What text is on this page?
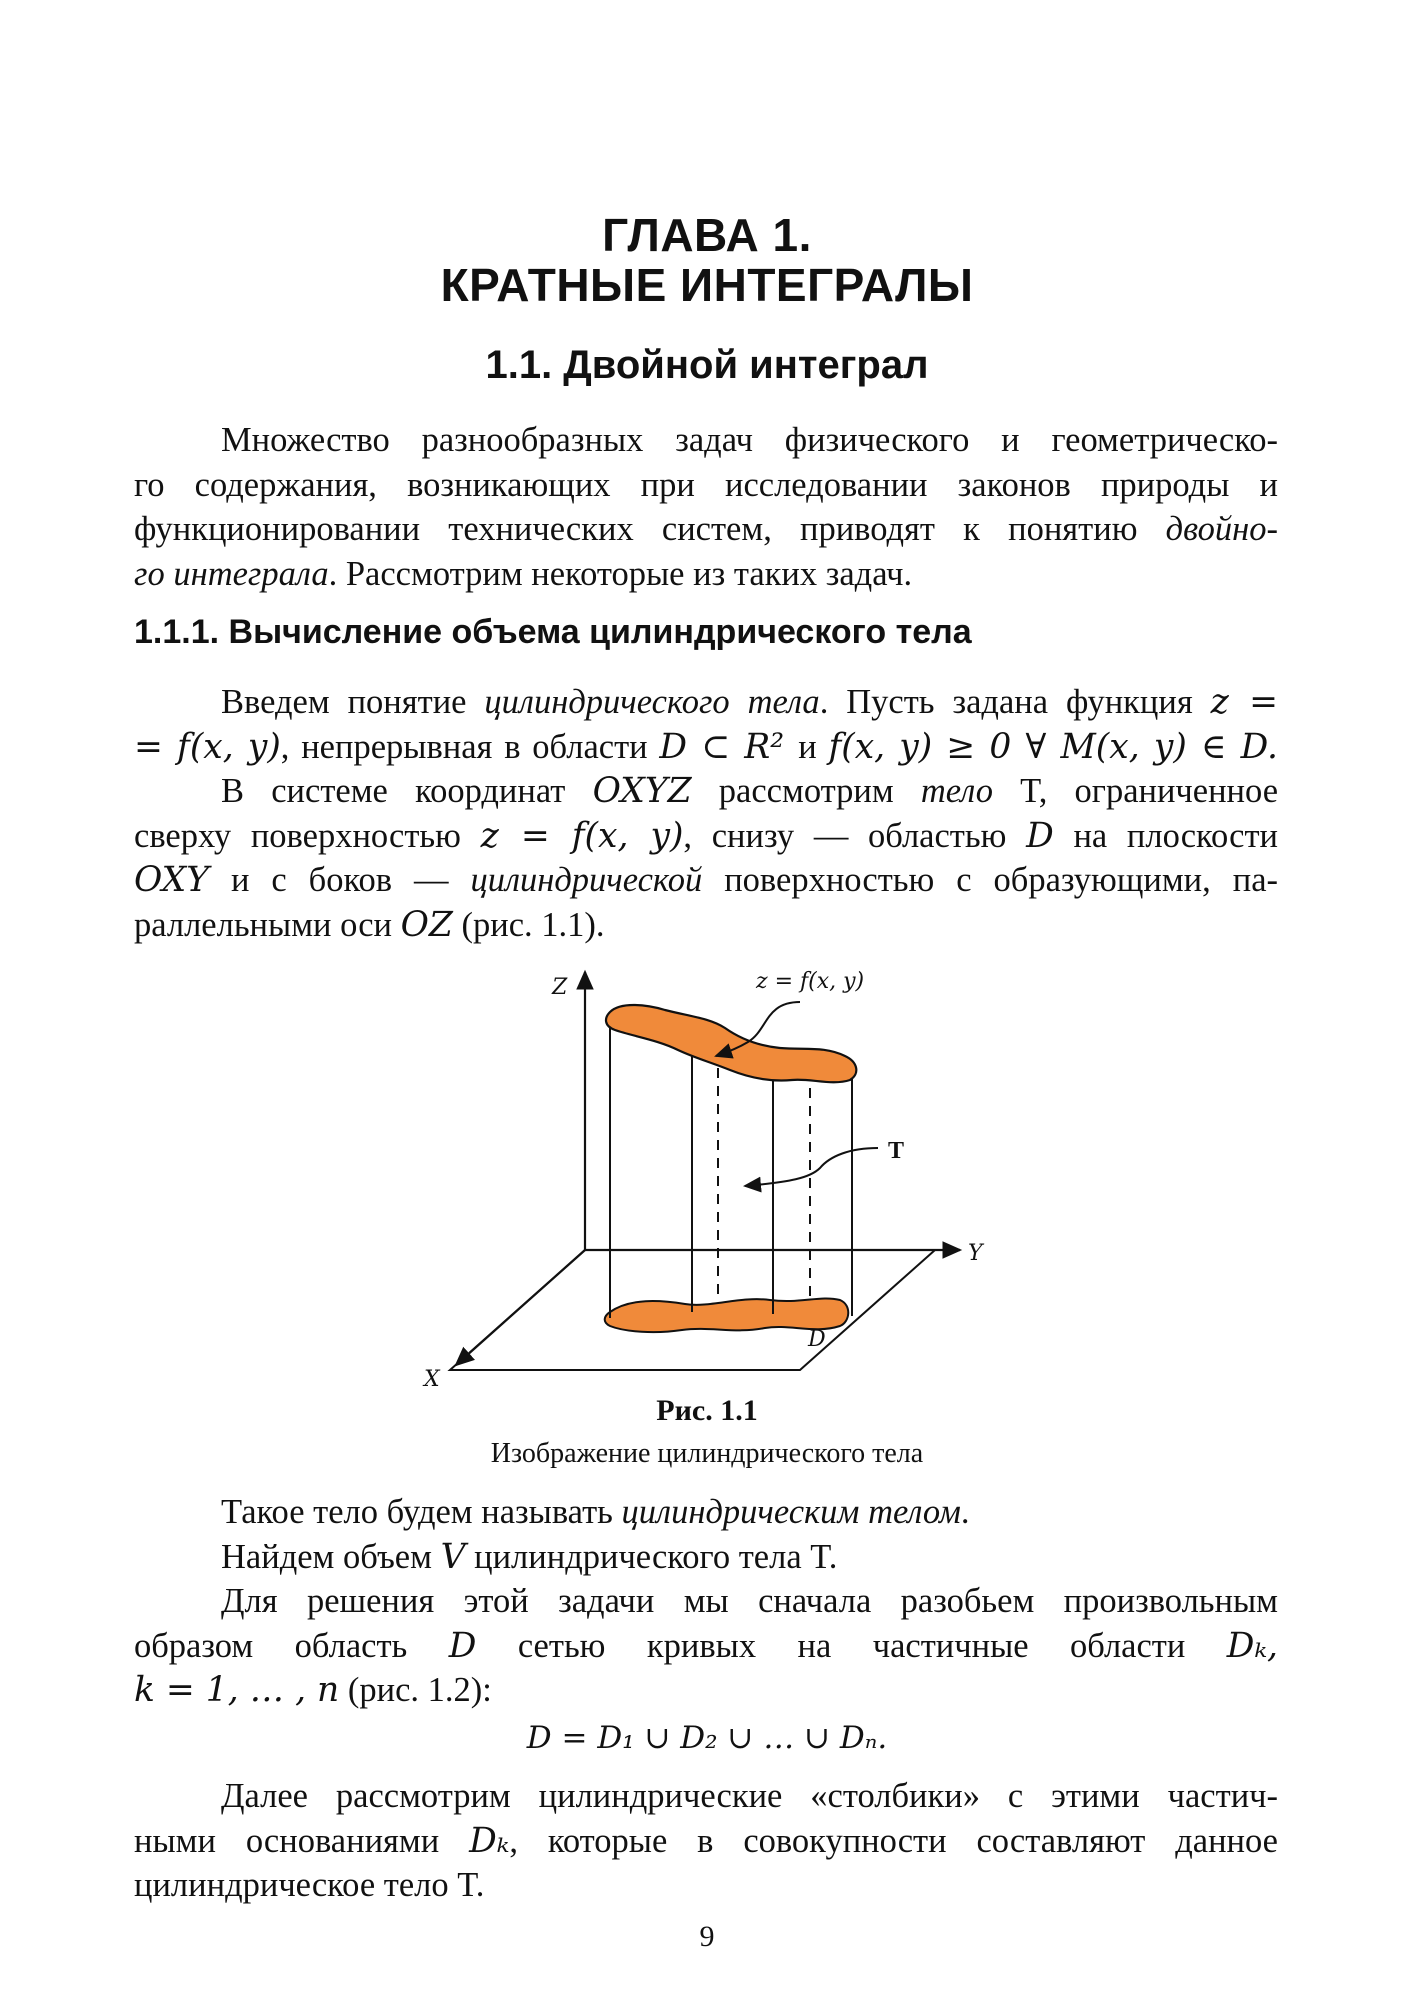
ГЛАВА 1.
КРАТНЫЕ ИНТЕГРАЛЫ
1.1. Двойной интеграл
Множество разнообразных задач физического и геометрическо-
го содержания, возникающих при исследовании законов природы и
функционировании технических систем, приводят к понятию двойно-
го интеграла. Рассмотрим некоторые из таких задач.
1.1.1. Вычисление объема цилиндрического тела
Введем понятие цилиндрического тела. Пусть задана функция z =
= f(x, y), непрерывная в области D ⊂ R² и f(x, y) ≥ 0 ∀ M(x, y) ∈ D.
В системе координат OXYZ рассмотрим тело T, ограниченное
сверху поверхностью z = f(x, y), снизу — областью D на плоскости
OXY и с боков — цилиндрической поверхностью с образующими, па-
раллельными оси OZ (рис. 1.1).
Z
Y
X
D
T
z = f(x, y)
Рис. 1.1
Изображение цилиндрического тела
Такое тело будем называть цилиндрическим телом.
Найдем объем V цилиндрического тела T.
Для решения этой задачи мы сначала разобьем произвольным
образом область D сетью кривых на частичные области Dₖ,
k = 1, … , n (рис. 1.2):
D = D₁ ∪ D₂ ∪ … ∪ Dₙ.
Далее рассмотрим цилиндрические «столбики» с этими частич-
ными основаниями Dₖ, которые в совокупности составляют данное
цилиндрическое тело T.
9
